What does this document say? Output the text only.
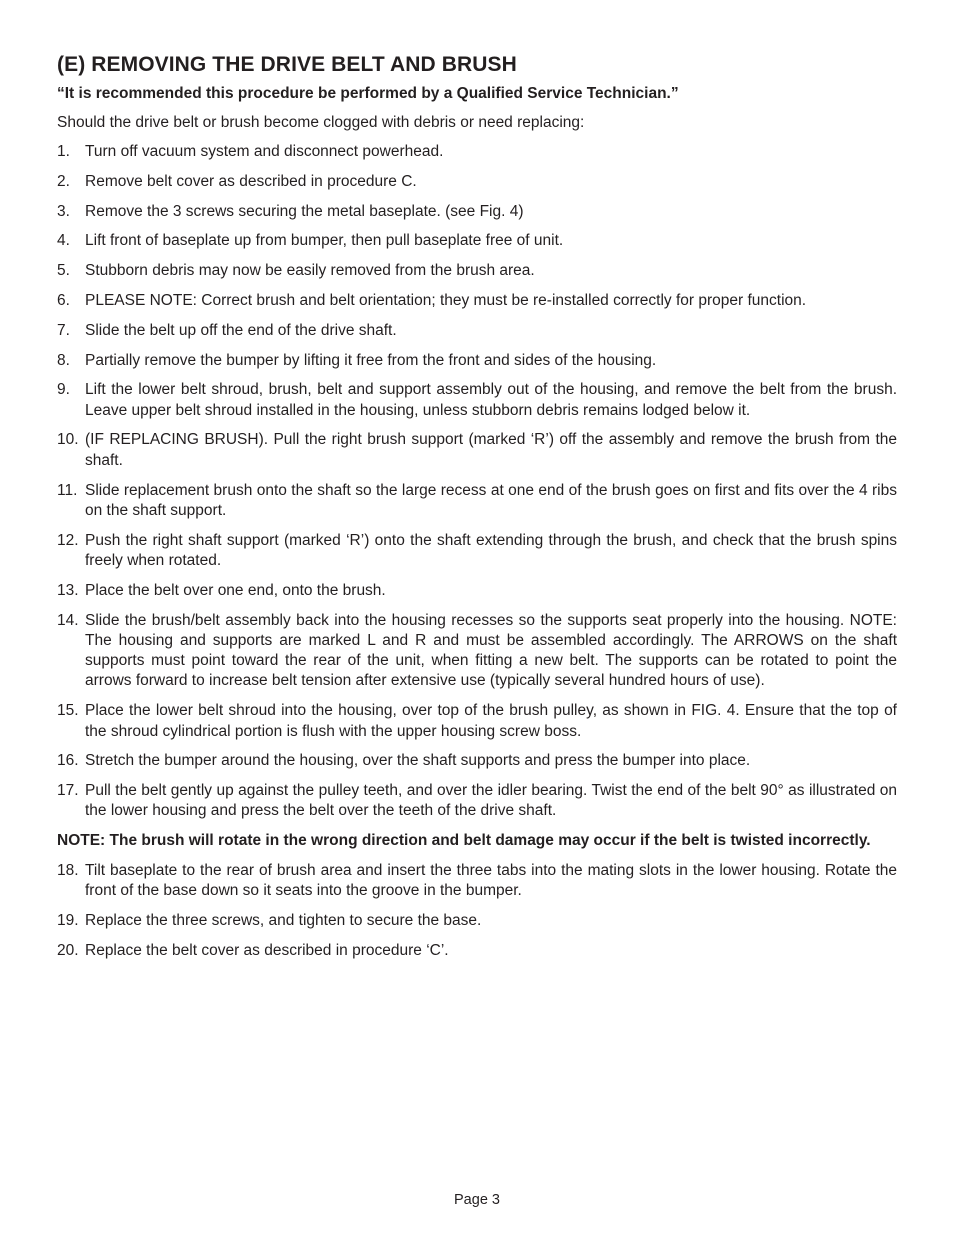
(E) REMOVING THE DRIVE BELT AND BRUSH

“It is recommended this procedure be performed by a Qualified Service Technician.”

Should the drive belt or brush become clogged with debris or need replacing:

1. Turn off vacuum system and disconnect powerhead.
2. Remove belt cover as described in procedure C.
3. Remove the 3 screws securing the metal baseplate. (see Fig. 4)
4. Lift front of baseplate up from bumper, then pull baseplate free of unit.
5. Stubborn debris may now be easily removed from the brush area.
6. PLEASE NOTE: Correct brush and belt orientation; they must be re-installed correctly for proper function.
7. Slide the belt up off the end of the drive shaft.
8. Partially remove the bumper by lifting it free from the front and sides of the housing.
9. Lift the lower belt shroud, brush, belt and support assembly out of the housing, and remove the belt from the brush. Leave upper belt shroud installed in the housing, unless stubborn debris remains lodged below it.
10. (IF REPLACING BRUSH). Pull the right brush support (marked ‘R’) off the assembly and remove the brush from the shaft.
11. Slide replacement brush onto the shaft so the large recess at one end of the brush goes on first and fits over the 4 ribs on the shaft support.
12. Push the right shaft support (marked ‘R’) onto the shaft extending through the brush, and check that the brush spins freely when rotated.
13. Place the belt over one end, onto the brush.
14. Slide the brush/belt assembly back into the housing recesses so the supports seat properly into the housing. NOTE: The housing and supports are marked L and R and must be assembled accordingly. The ARROWS on the shaft supports must point toward the rear of the unit, when fitting a new belt. The supports can be rotated to point the arrows forward to increase belt tension after extensive use (typically several hundred hours of use).
15. Place the lower belt shroud into the housing, over top of the brush pulley, as shown in FIG. 4. Ensure that the top of the shroud cylindrical portion is flush with the upper housing screw boss.
16. Stretch the bumper around the housing, over the shaft supports and press the bumper into place.
17. Pull the belt gently up against the pulley teeth, and over the idler bearing. Twist the end of the belt 90° as illustrated on the lower housing and press the belt over the teeth of the drive shaft.

NOTE: The brush will rotate in the wrong direction and belt damage may occur if the belt is twisted incorrectly.

18. Tilt baseplate to the rear of brush area and insert the three tabs into the mating slots in the lower housing. Rotate the front of the base down so it seats into the groove in the bumper.
19. Replace the three screws, and tighten to secure the base.
20. Replace the belt cover as described in procedure ‘C’.
Page 3
